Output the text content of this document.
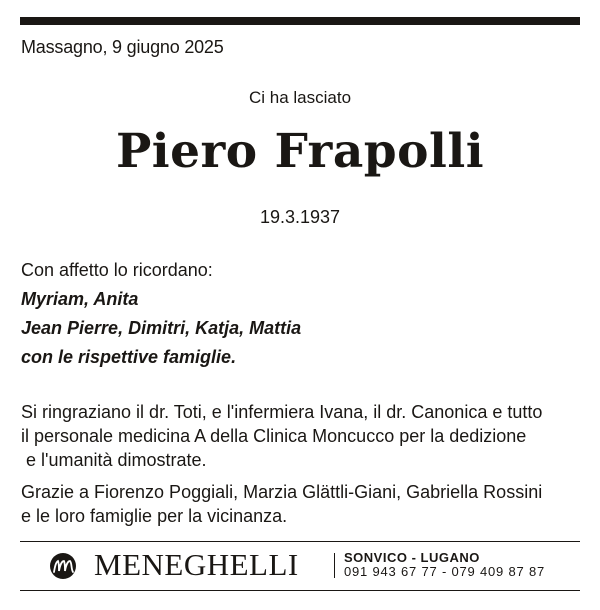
Massagno, 9 giugno 2025
Ci ha lasciato
Piero Frapolli
19.3.1937
Con affetto lo ricordano:
Myriam, Anita
Jean Pierre, Dimitri, Katja, Mattia
con le rispettive famiglie.
Si ringraziano il dr. Toti, e l'infermiera Ivana, il dr. Canonica e tutto
il personale medicina A della Clinica Moncucco per la dedizione
e l'umanità dimostrate.
Grazie a Fiorenzo Poggiali, Marzia Glättli-Giani, Gabriella Rossini
e le loro famiglie per la vicinanza.
MENEGHELLI	SONVICO - LUGANO
091 943 67 77 - 079 409 87 87
